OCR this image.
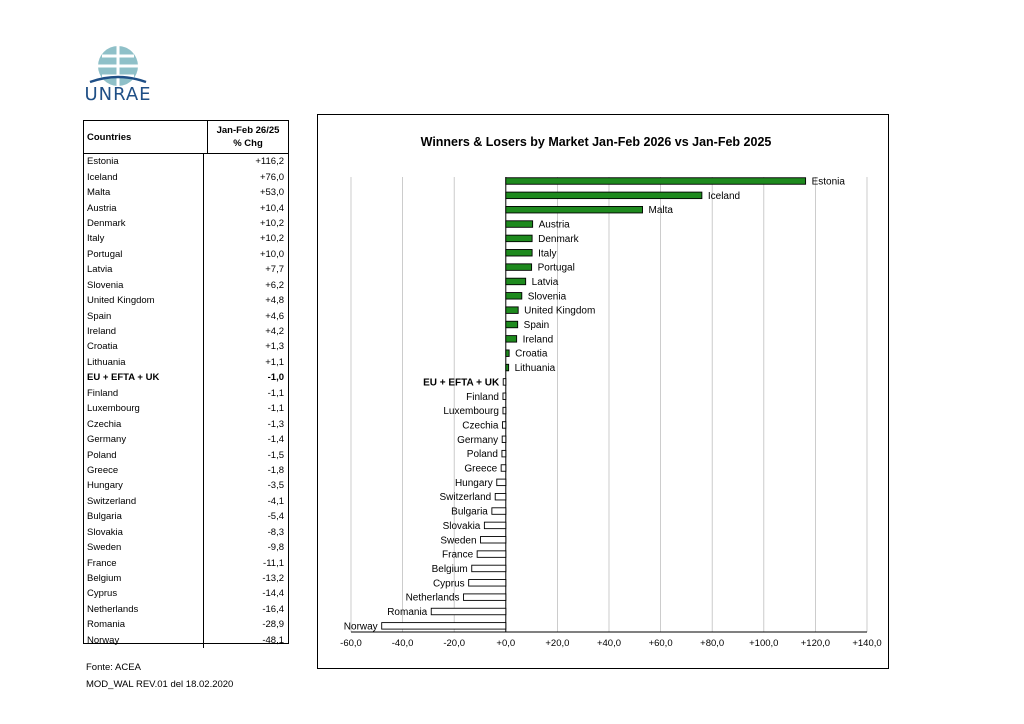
UNRAE
Countries
Jan-Feb 26/25
% Chg
Estonia	+116,2
Iceland	+76,0
Malta	+53,0
Austria	+10,4
Denmark	+10,2
Italy	+10,2
Portugal	+10,0
Latvia	+7,7
Slovenia	+6,2
United Kingdom	+4,8
Spain	+4,6
Ireland	+4,2
Croatia	+1,3
Lithuania	+1,1
EU + EFTA + UK	-1,0
Finland	-1,1
Luxembourg	-1,1
Czechia	-1,3
Germany	-1,4
Poland	-1,5
Greece	-1,8
Hungary	-3,5
Switzerland	-4,1
Bulgaria	-5,4
Slovakia	-8,3
Sweden	-9,8
France	-11,1
Belgium	-13,2
Cyprus	-14,4
Netherlands	-16,4
Romania	-28,9
Norway	-48,1
Winners & Losers by Market Jan-Feb 2026 vs Jan-Feb 2025
Estonia
Iceland
Malta
Austria
Denmark
Italy
Portugal
Latvia
Slovenia
United Kingdom
Spain
Ireland
Croatia
Lithuania
EU + EFTA + UK
Finland
Luxembourg
Czechia
Germany
Poland
Greece
Hungary
Switzerland
Bulgaria
Slovakia
Sweden
France
Belgium
Cyprus
Netherlands
Romania
Norway
-60,0	-40,0	-20,0	+0,0	+20,0	+40,0	+60,0	+80,0	+100,0 +120,0 +140,0
Fonte: ACEA
MOD_WAL REV.01 del 18.02.2020
